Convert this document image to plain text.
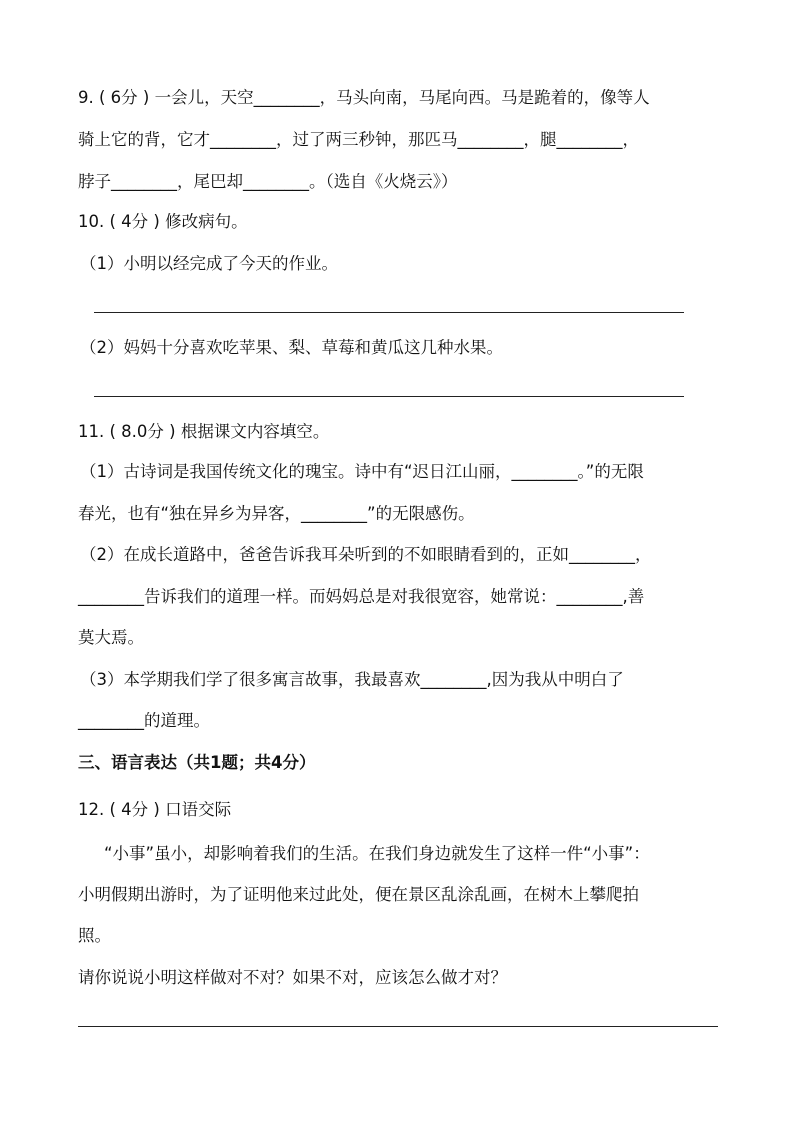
9. ( 6分 ) 一会儿，天空________，马头向南，马尾向西。马是跪着的，像等人
骑上它的背，它才________，过了两三秒钟，那匹马________，腿________，
脖子________，尾巴却________。（选自《火烧云》）
10. ( 4分 ) 修改病句。
（1）小明以经完成了今天的作业。
（2）妈妈十分喜欢吃苹果、梨、草莓和黄瓜这几种水果。
11. ( 8.0分 ) 根据课文内容填空。
（1）古诗词是我国传统文化的瑰宝。诗中有“迟日江山丽，________。”的无限
春光，也有“独在异乡为异客，________”的无限感伤。
（2）在成长道路中，爸爸告诉我耳朵听到的不如眼睛看到的，正如________，
________告诉我们的道理一样。而妈妈总是对我很宽容，她常说：________,善
莫大焉。
（3）本学期我们学了很多寓言故事，我最喜欢________,因为我从中明白了
________的道理。
三、语言表达（共1题；共4分）
12. ( 4分 ) 口语交际
“小事”虽小，却影响着我们的生活。在我们身边就发生了这样一件“小事”：
小明假期出游时，为了证明他来过此处，便在景区乱涂乱画，在树木上攀爬拍
照。
请你说说小明这样做对不对？如果不对，应该怎么做才对？
